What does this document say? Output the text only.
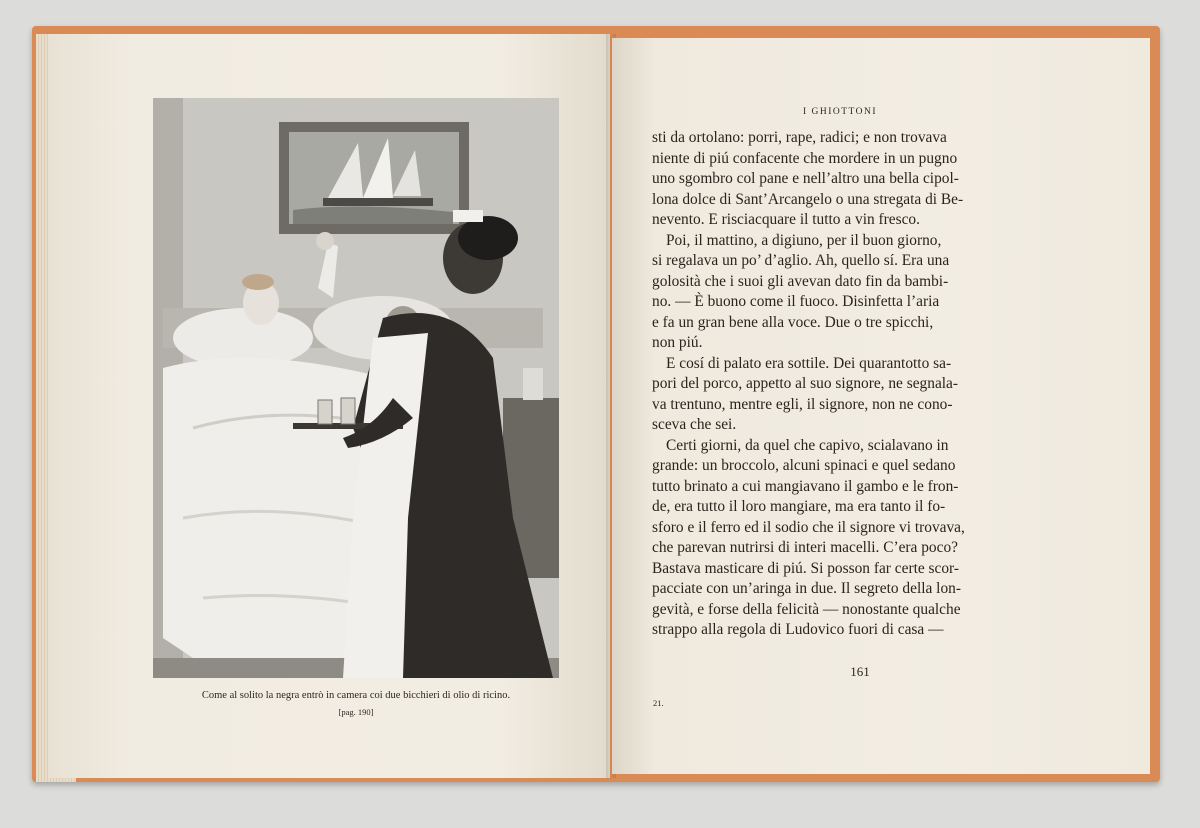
Come al solito la negra entrò in camera coi due bicchieri di olio di ricino.
[pag. 190]
I GHIOTTONI
sti da ortolano: porri, rape, radici; e non trovava
niente di piú confacente che mordere in un pugno
uno sgombro col pane e nell’altro una bella cipol-
lona dolce di Sant’Arcangelo o una stregata di Be-
nevento. E risciacquare il tutto a vin fresco.
Poi, il mattino, a digiuno, per il buon giorno,
si regalava un po’ d’aglio. Ah, quello sí. Era una
golosità che i suoi gli avevan dato fin da bambi-
no. — È buono come il fuoco. Disinfetta l’aria
e fa un gran bene alla voce. Due o tre spicchi,
non piú.
E cosí di palato era sottile. Dei quarantotto sa-
pori del porco, appetto al suo signore, ne segnala-
va trentuno, mentre egli, il signore, non ne cono-
sceva che sei.
Certi giorni, da quel che capivo, scialavano in
grande: un broccolo, alcuni spinaci e quel sedano
tutto brinato a cui mangiavano il gambo e le fron-
de, era tutto il loro mangiare, ma era tanto il fo-
sforo e il ferro ed il sodio che il signore vi trovava,
che parevan nutrirsi di interi macelli. C’era poco?
Bastava masticare di piú. Si posson far certe scor-
pacciate con un’aringa in due. Il segreto della lon-
gevità, e forse della felicità — nonostante qualche
strappo alla regola di Ludovico fuori di casa —
161
21.
